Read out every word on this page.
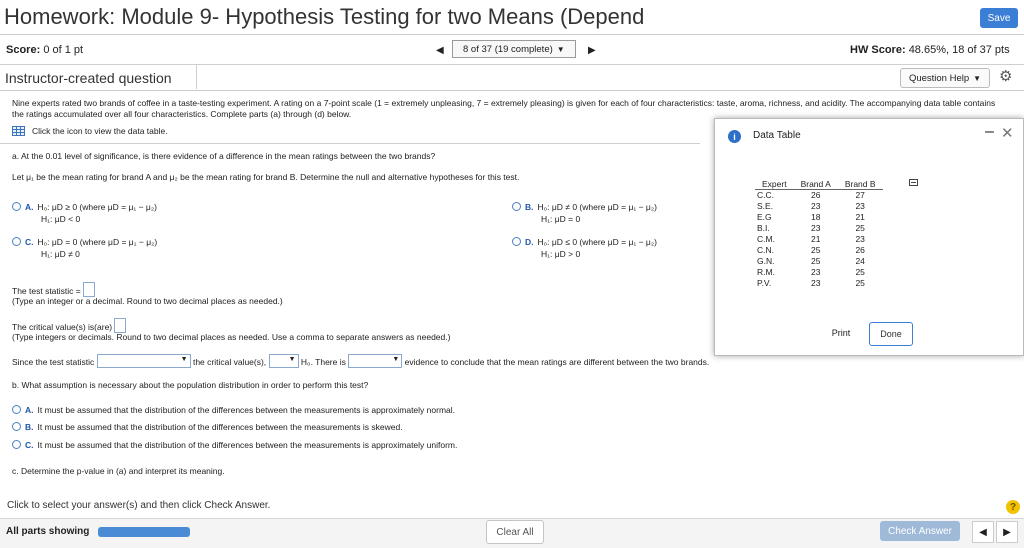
Homework: Module 9- Hypothesis Testing for two Means (Depend	Save
Score: 0 of 1 pt	◀ 8 of 37 (19 complete) ▼ ▶	HW Score: 48.65%, 18 of 37 pts
Instructor-created question	Question Help ▼ ⚙
Nine experts rated two brands of coffee in a taste-testing experiment. A rating on a 7-point scale (1 = extremely unpleasing, 7 = extremely pleasing) is given for each of four characteristics: taste, aroma, richness, and acidity. The accompanying data table contains the ratings accumulated over all four characteristics. Complete parts (a) through (d) below.
Click the icon to view the data table.
a. At the 0.01 level of significance, is there evidence of a difference in the mean ratings between the two brands?
Let μ₁ be the mean rating for brand A and μ₂ be the mean rating for brand B. Determine the null and alternative hypotheses for this test.
A. H₀: μD ≥ 0 (where μD = μ₁ − μ₂)
H₁: μD < 0
B. H₀: μD ≠ 0 (where μD = μ₁ − μ₂)
H₁: μD = 0
C. H₀: μD = 0 (where μD = μ₁ − μ₂)
H₁: μD ≠ 0
D. H₀: μD ≤ 0 (where μD = μ₁ − μ₂)
H₁: μD > 0
The test statistic =
(Type an integer or a decimal. Round to two decimal places as needed.)
The critical value(s) is(are)
(Type integers or decimals. Round to two decimal places as needed. Use a comma to separate answers as needed.)
Since the test statistic	▼ the critical value(s),	▼ H₀. There is	▼ evidence to conclude that the mean ratings are different between the two brands.
b. What assumption is necessary about the population distribution in order to perform this test?
A. It must be assumed that the distribution of the differences between the measurements is approximately normal.
B. It must be assumed that the distribution of the differences between the measurements is skewed.
C. It must be assumed that the distribution of the differences between the measurements is approximately uniform.
c. Determine the p-value in (a) and interpret its meaning.
i	Data Table	– ✕
Expert	Brand A	Brand B
C.C.	26	27
S.E.	23	23
E.G	18	21
B.I.	23	25
C.M.	21	23
C.N.	25	26
G.N.	25	24
R.M.	23	25
P.V.	23	25
Print	Done
Click to select your answer(s) and then click Check Answer.	?
All parts showing	Clear All	Check Answer	◀	▶
